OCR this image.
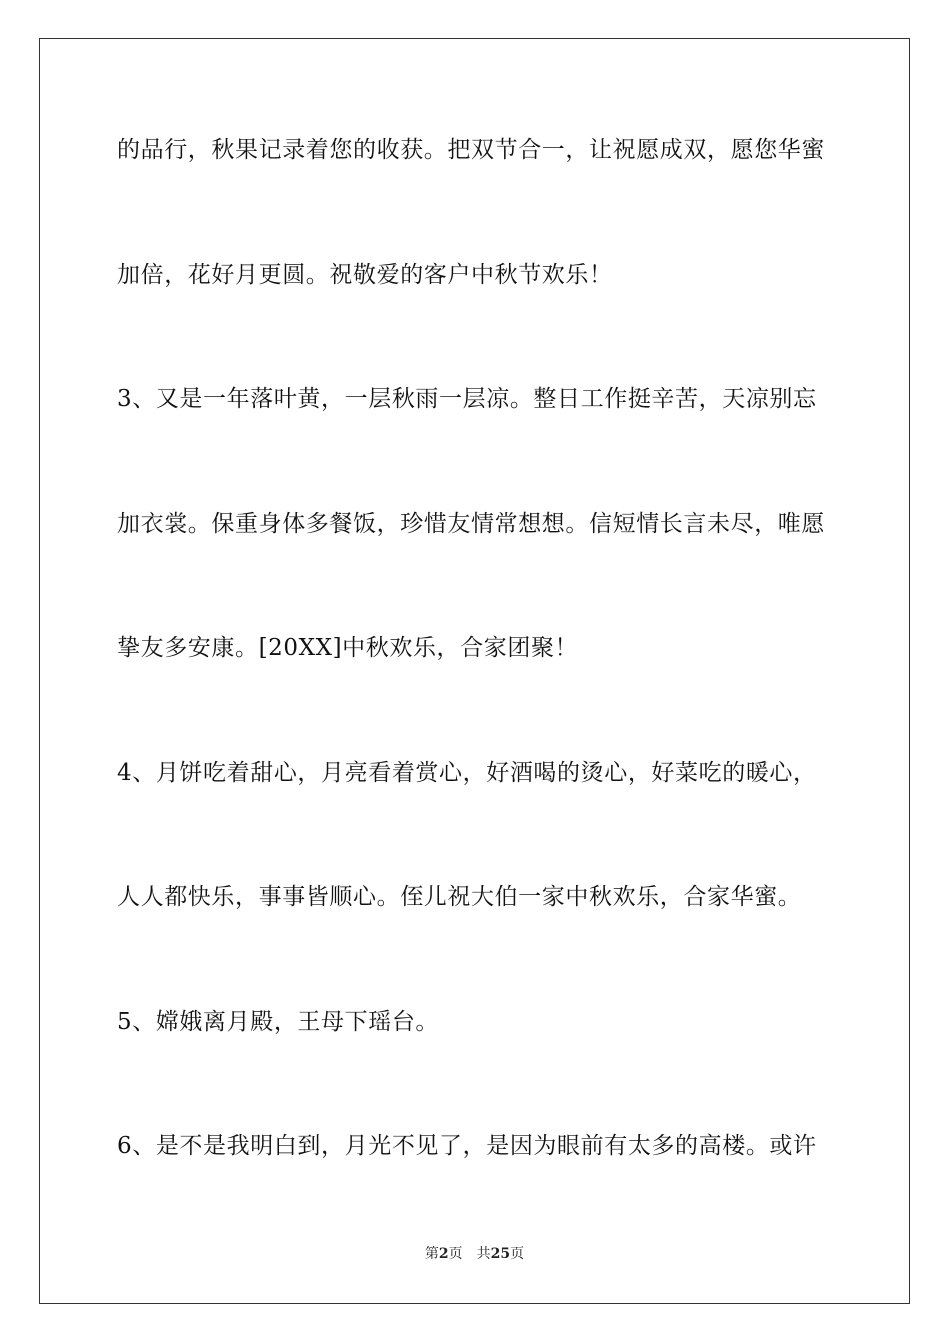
的品行，秋果记录着您的收获。把双节合一，让祝愿成双，愿您华蜜
加倍，花好月更圆。祝敬爱的客户中秋节欢乐！
3、又是一年落叶黄，一层秋雨一层凉。整日工作挺辛苦，天凉别忘
加衣裳。保重身体多餐饭，珍惜友情常想想。信短情长言未尽，唯愿
挚友多安康。[20XX]中秋欢乐，合家团聚！
4、月饼吃着甜心，月亮看着赏心，好酒喝的烫心，好菜吃的暖心，
人人都快乐，事事皆顺心。侄儿祝大伯一家中秋欢乐，合家华蜜。
5、嫦娥离月殿，王母下瑶台。
6、是不是我明白到，月光不见了，是因为眼前有太多的高楼。或许
第2页 共25页
